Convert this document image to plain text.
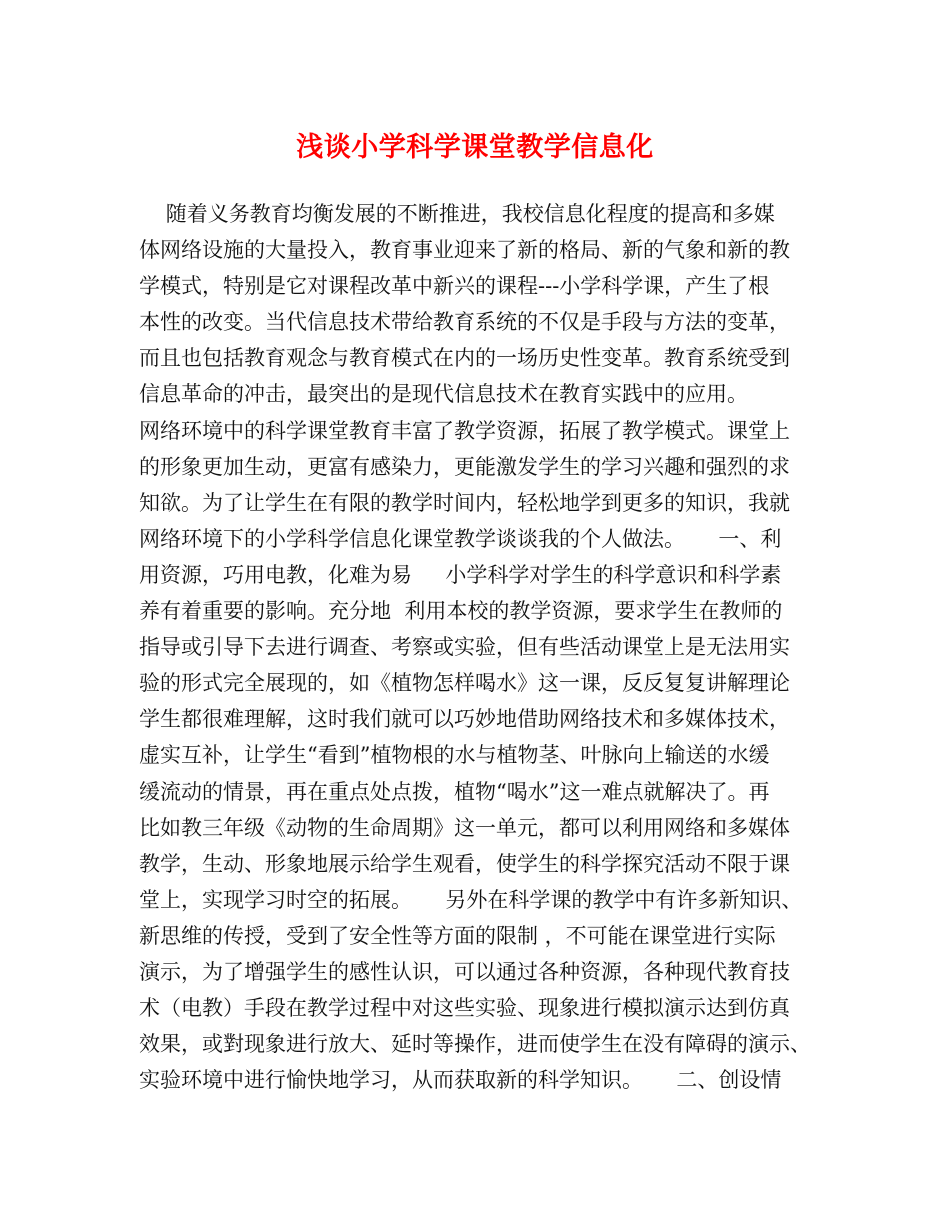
浅谈小学科学课堂教学信息化
随着义务教育均衡发展的不断推进，我校信息化程度的提高和多媒
体网络设施的大量投入，教育事业迎来了新的格局、新的气象和新的教
学模式，特别是它对课程改革中新兴的课程---小学科学课，产生了根
本性的改变。当代信息技术带给教育系统的不仅是手段与方法的变革，
而且也包括教育观念与教育模式在内的一场历史性变革。教育系统受到
信息革命的冲击，最突出的是现代信息技术在教育实践中的应用。
网络环境中的科学课堂教育丰富了教学资源，拓展了教学模式。课堂上
的形象更加生动，更富有感染力，更能激发学生的学习兴趣和强烈的求
知欲。为了让学生在有限的教学时间内，轻松地学到更多的知识，我就
网络环境下的小学科学信息化课堂教学谈谈我的个人做法。     一、利
用资源，巧用电教，化难为易     小学科学对学生的科学意识和科学素
养有着重要的影响。充分地  利用本校的教学资源，要求学生在教师的
指导或引导下去进行调查、考察或实验，但有些活动课堂上是无法用实
验的形式完全展现的，如《植物怎样喝水》这一课，反反复复讲解理论
学生都很难理解，这时我们就可以巧妙地借助网络技术和多媒体技术，
虚实互补，让学生“看到”植物根的水与植物茎、叶脉向上输送的水缓
缓流动的情景，再在重点处点拨，植物“喝水”这一难点就解决了。再
比如教三年级《动物的生命周期》这一单元，都可以利用网络和多媒体
教学，生动、形象地展示给学生观看，使学生的科学探究活动不限于课
堂上，实现学习时空的拓展。     另外在科学课的教学中有许多新知识、
新思维的传授，受到了安全性等方面的限制 ，不可能在课堂进行实际
演示，为了增强学生的感性认识，可以通过各种资源，各种现代教育技
术（电教）手段在教学过程中对这些实验、现象进行模拟演示达到仿真
效果，或對现象进行放大、延时等操作，进而使学生在没有障碍的演示、
实验环境中进行愉快地学习，从而获取新的科学知识。     二、创设情
